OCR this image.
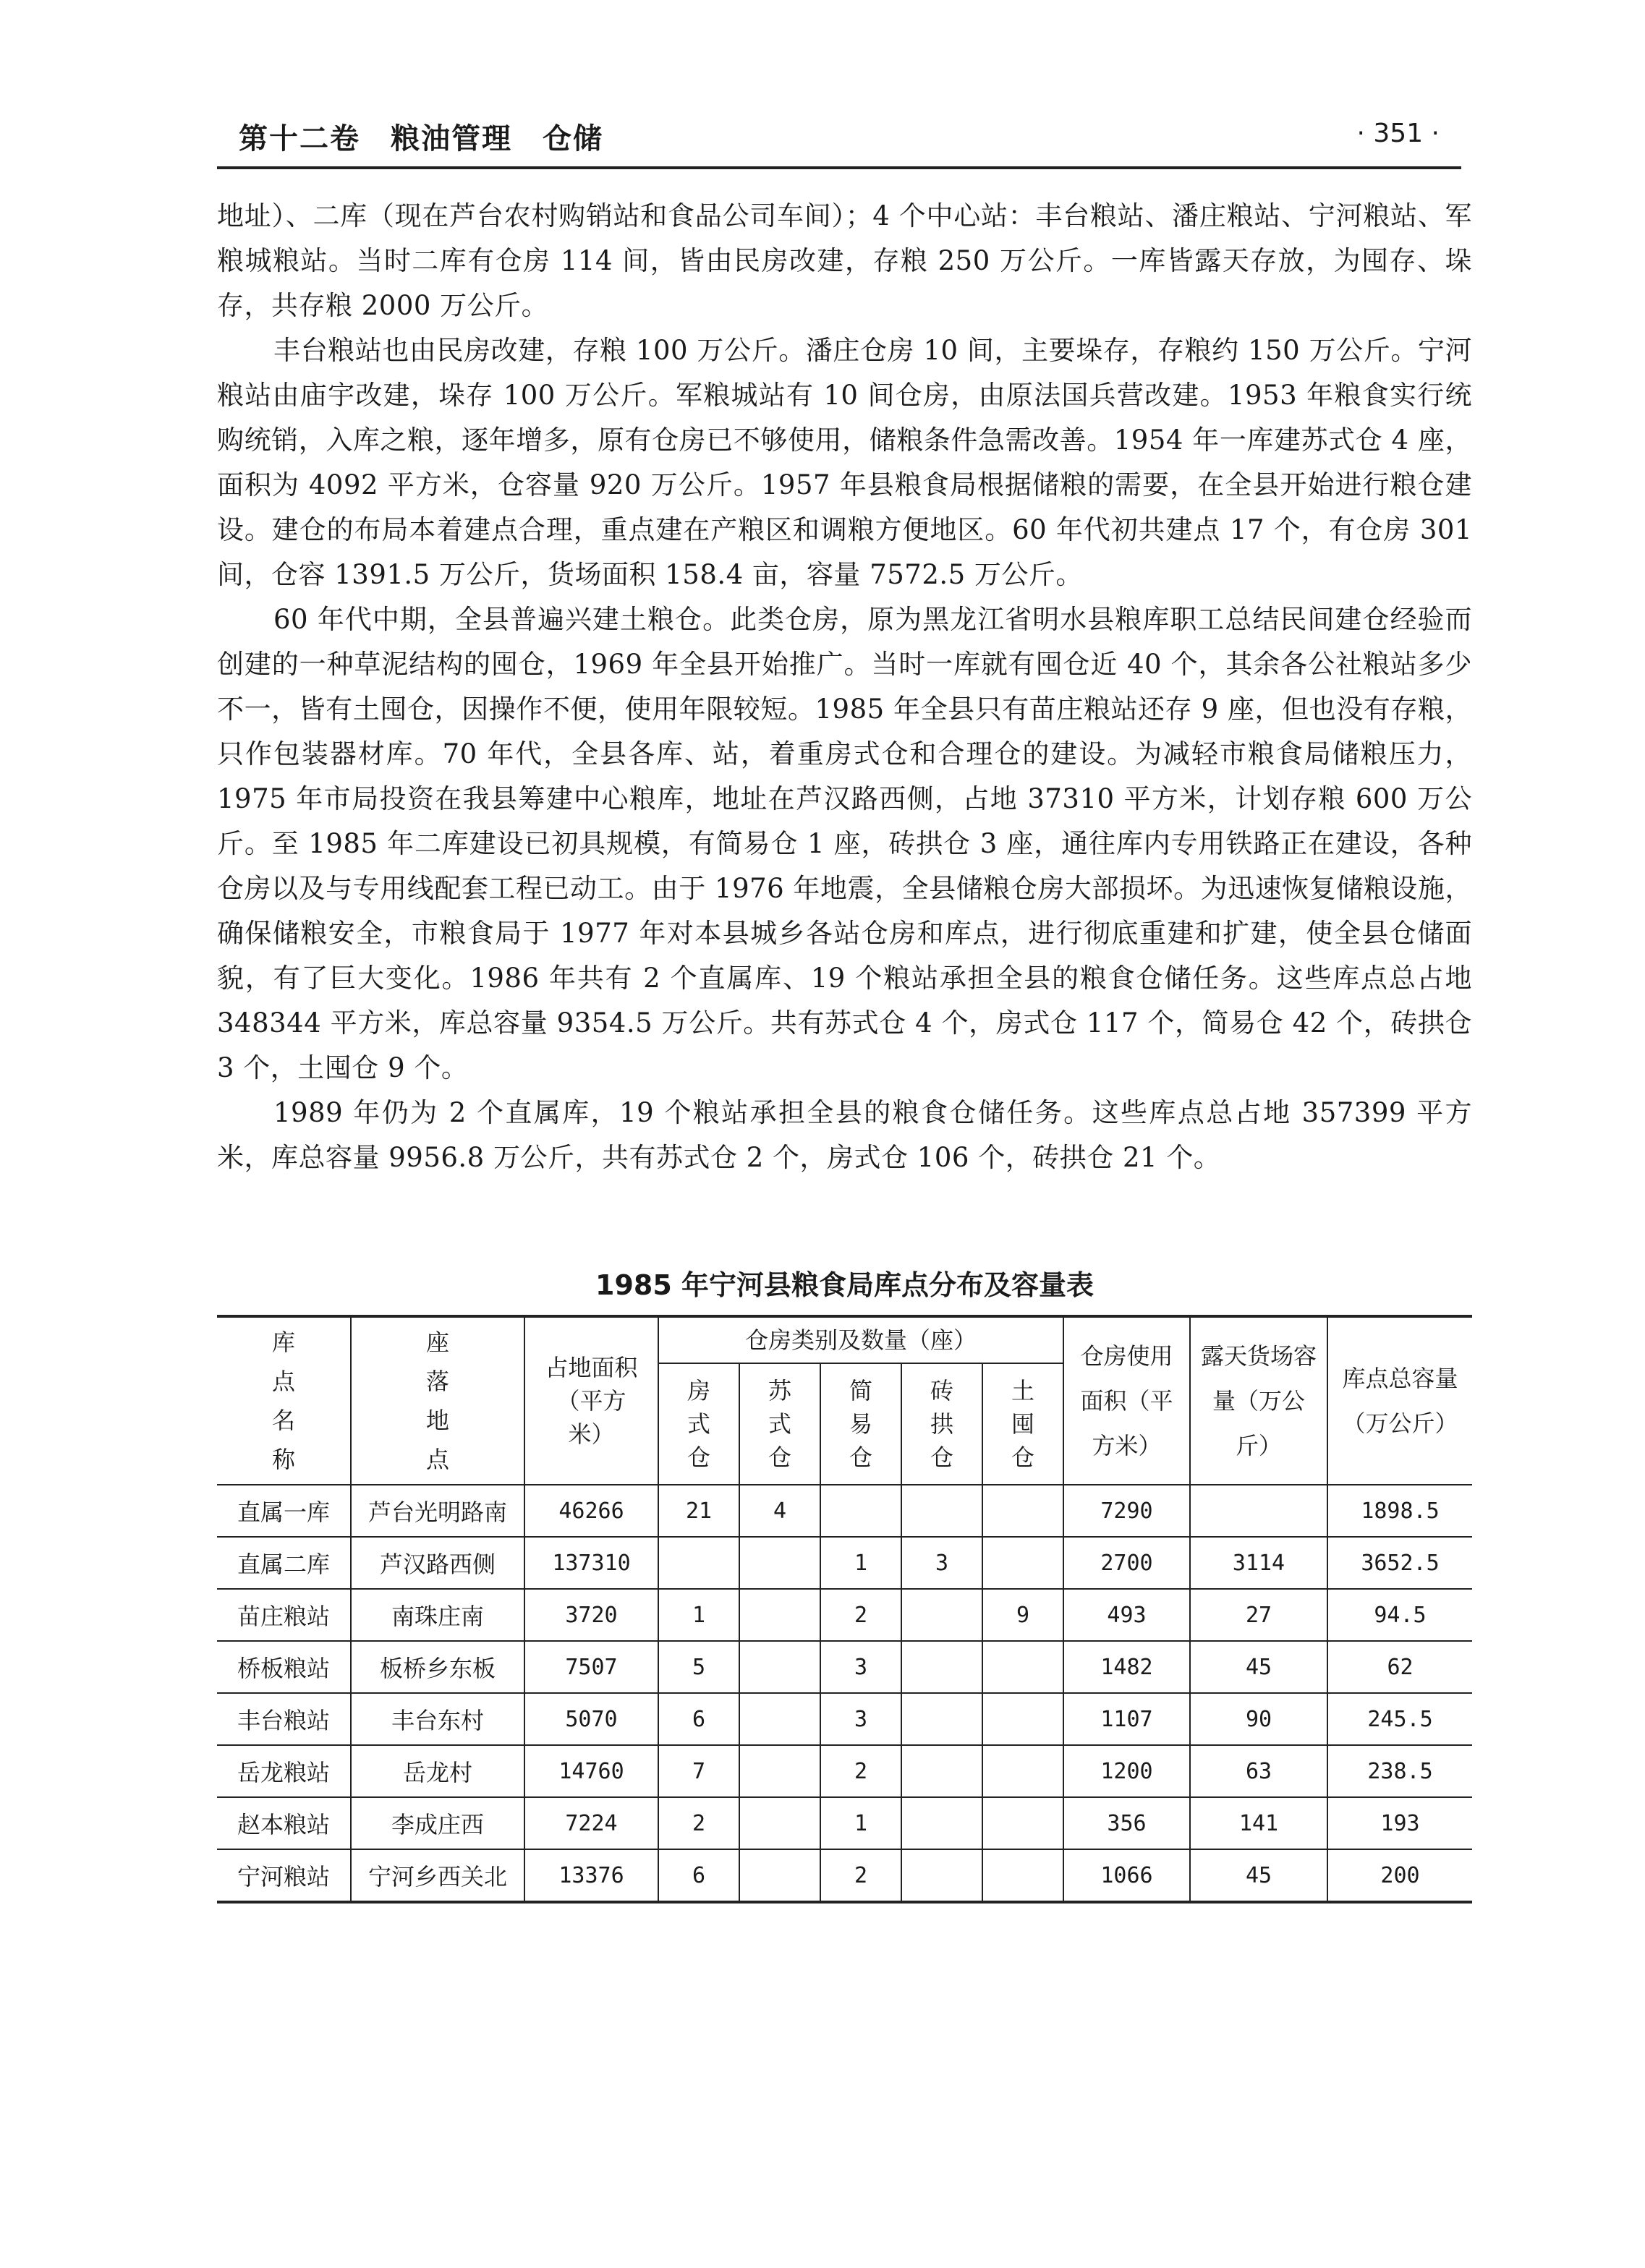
第十二卷　粮油管理　仓储	· 351 ·

地址）、二库（现在芦台农村购销站和食品公司车间）；4 个中心站：丰台粮站、潘庄粮站、宁河粮站、军粮城粮站。当时二库有仓房 114 间，皆由民房改建，存粮 250 万公斤。一库皆露天存放，为囤存、垛存，共存粮 2000 万公斤。

丰台粮站也由民房改建，存粮 100 万公斤。潘庄仓房 10 间，主要垛存，存粮约 150 万公斤。宁河粮站由庙宇改建，垛存 100 万公斤。军粮城站有 10 间仓房，由原法国兵营改建。1953 年粮食实行统购统销，入库之粮，逐年增多，原有仓房已不够使用，储粮条件急需改善。1954 年一库建苏式仓 4 座，面积为 4092 平方米，仓容量 920 万公斤。1957 年县粮食局根据储粮的需要，在全县开始进行粮仓建设。建仓的布局本着建点合理，重点建在产粮区和调粮方便地区。60 年代初共建点 17 个，有仓房 301 间，仓容 1391.5 万公斤，货场面积 158.4 亩，容量 7572.5 万公斤。

60 年代中期，全县普遍兴建土粮仓。此类仓房，原为黑龙江省明水县粮库职工总结民间建仓经验而创建的一种草泥结构的囤仓，1969 年全县开始推广。当时一库就有囤仓近 40 个，其余各公社粮站多少不一，皆有土囤仓，因操作不便，使用年限较短。1985 年全县只有苗庄粮站还存 9 座，但也没有存粮，只作包装器材库。70 年代，全县各库、站，着重房式仓和合理仓的建设。为减轻市粮食局储粮压力，1975 年市局投资在我县筹建中心粮库，地址在芦汉路西侧，占地 37310 平方米，计划存粮 600 万公斤。至 1985 年二库建设已初具规模，有简易仓 1 座，砖拱仓 3 座，通往库内专用铁路正在建设，各种仓房以及与专用线配套工程已动工。由于 1976 年地震，全县储粮仓房大部损坏。为迅速恢复储粮设施，确保储粮安全，市粮食局于 1977 年对本县城乡各站仓房和库点，进行彻底重建和扩建，使全县仓储面貌，有了巨大变化。1986 年共有 2 个直属库、19 个粮站承担全县的粮食仓储任务。这些库点总占地 348344 平方米，库总容量 9354.5 万公斤。共有苏式仓 4 个，房式仓 117 个，简易仓 42 个，砖拱仓 3 个，土囤仓 9 个。

1989 年仍为 2 个直属库，19 个粮站承担全县的粮食仓储任务。这些库点总占地 357399 平方米，库总容量 9956.8 万公斤，共有苏式仓 2 个，房式仓 106 个，砖拱仓 21 个。

1985 年宁河县粮食局库点分布及容量表
库点名称	座落地点	占地面积（平方米）	仓房类别及数量（座）					仓房使用面积（平方米）	露天货场容量（万公斤）	库点总容量（万公斤）
			房式仓	苏式仓	简易仓	砖拱仓	土囤仓			
直属一库	芦台光明路南	46266	21	4				7290		1898.5
直属二库	芦汉路西侧	137310			1	3		2700	3114	3652.5
苗庄粮站	南珠庄南	3720	1		2		9	493	27	94.5
桥板粮站	板桥乡东板	7507	5		3			1482	45	62
丰台粮站	丰台东村	5070	6		3			1107	90	245.5
岳龙粮站	岳龙村	14760	7		2			1200	63	238.5
赵本粮站	李成庄西	7224	2		1			356	141	193
宁河粮站	宁河乡西关北	13376	6		2			1066	45	200
